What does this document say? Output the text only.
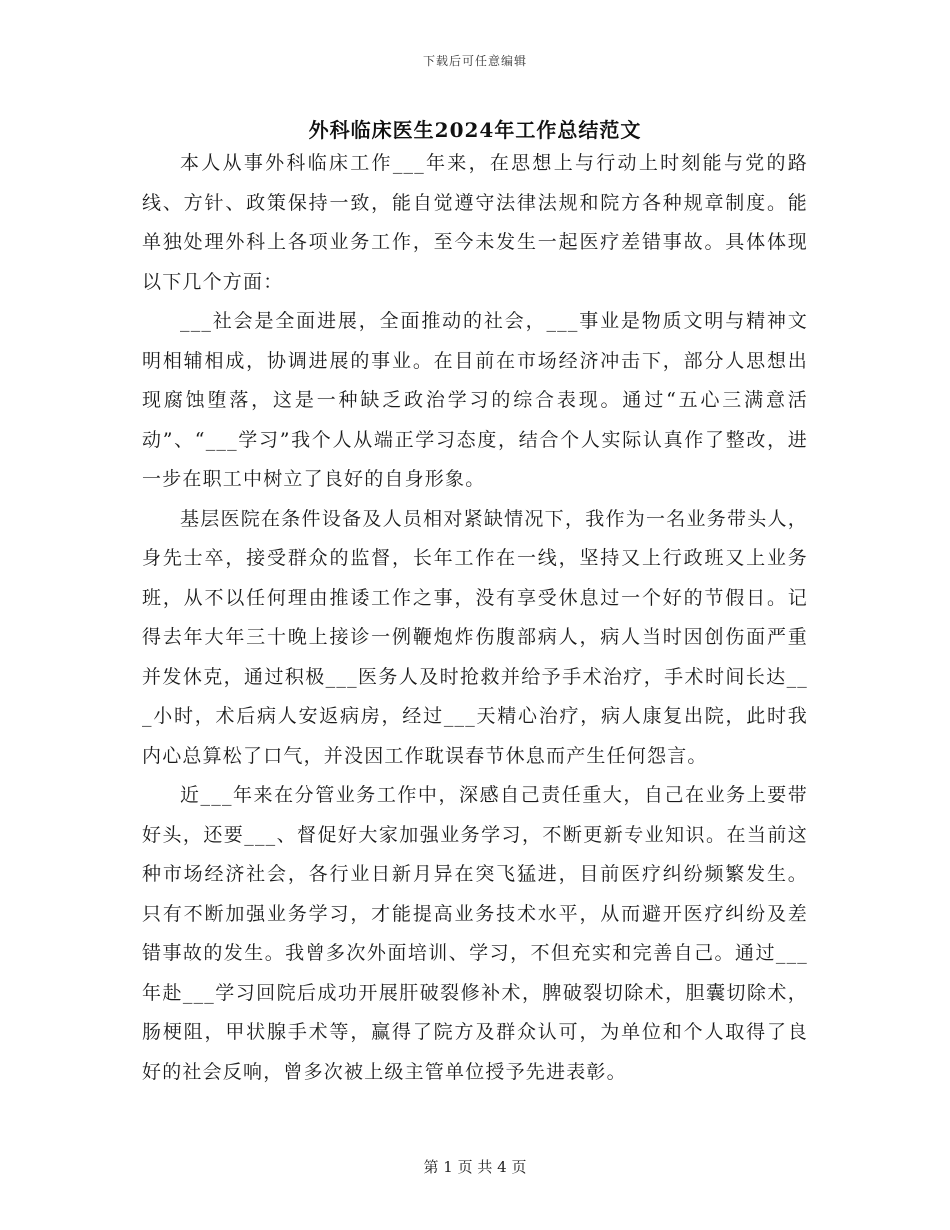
下载后可任意编辑
外科临床医生2024年工作总结范文

本人从事外科临床工作___年来，在思想上与行动上时刻能与党的路线、方针、政策保持一致，能自觉遵守法律法规和院方各种规章制度。能单独处理外科上各项业务工作，至今未发生一起医疗差错事故。具体体现以下几个方面：

___社会是全面进展，全面推动的社会，___事业是物质文明与精神文明相辅相成，协调进展的事业。在目前在市场经济冲击下，部分人思想出现腐蚀堕落，这是一种缺乏政治学习的综合表现。通过“五心三满意活动”、“___学习”我个人从端正学习态度，结合个人实际认真作了整改，进一步在职工中树立了良好的自身形象。

基层医院在条件设备及人员相对紧缺情况下，我作为一名业务带头人，身先士卒，接受群众的监督，长年工作在一线，坚持又上行政班又上业务班，从不以任何理由推诿工作之事，没有享受休息过一个好的节假日。记得去年大年三十晚上接诊一例鞭炮炸伤腹部病人，病人当时因创伤面严重并发休克，通过积极___医务人及时抢救并给予手术治疗，手术时间长达___小时，术后病人安返病房，经过___天精心治疗，病人康复出院，此时我内心总算松了口气，并没因工作耽误春节休息而产生任何怨言。

近___年来在分管业务工作中，深感自己责任重大，自己在业务上要带好头，还要___、督促好大家加强业务学习，不断更新专业知识。在当前这种市场经济社会，各行业日新月异在突飞猛进，目前医疗纠纷频繁发生。只有不断加强业务学习，才能提高业务技术水平，从而避开医疗纠纷及差错事故的发生。我曾多次外面培训、学习，不但充实和完善自己。通过___年赴___学习回院后成功开展肝破裂修补术，脾破裂切除术，胆囊切除术，肠梗阻，甲状腺手术等，赢得了院方及群众认可，为单位和个人取得了良好的社会反响，曾多次被上级主管单位授予先进表彰。

第 1 页 共 4 页
